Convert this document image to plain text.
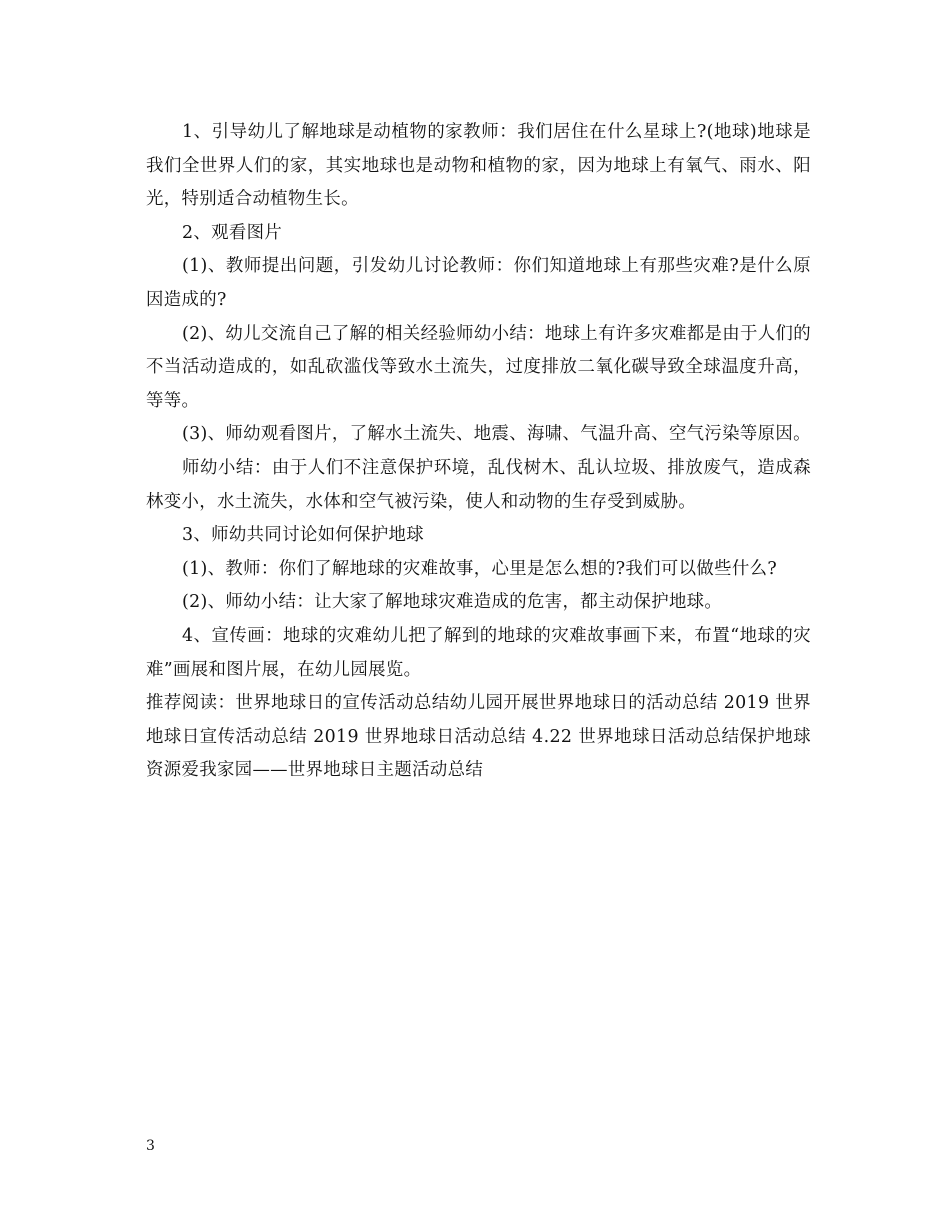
1、引导幼儿了解地球是动植物的家教师：我们居住在什么星球上?(地球)地球是我们全世界人们的家，其实地球也是动物和植物的家，因为地球上有氧气、雨水、阳光，特别适合动植物生长。

2、观看图片

(1)、教师提出问题，引发幼儿讨论教师：你们知道地球上有那些灾难?是什么原因造成的?

(2)、幼儿交流自己了解的相关经验师幼小结：地球上有许多灾难都是由于人们的不当活动造成的，如乱砍滥伐等致水土流失，过度排放二氧化碳导致全球温度升高，等等。

(3)、师幼观看图片，了解水土流失、地震、海啸、气温升高、空气污染等原因。

师幼小结：由于人们不注意保护环境，乱伐树木、乱认垃圾、排放废气，造成森林变小，水土流失，水体和空气被污染，使人和动物的生存受到威胁。

3、师幼共同讨论如何保护地球

(1)、教师：你们了解地球的灾难故事，心里是怎么想的?我们可以做些什么?

(2)、师幼小结：让大家了解地球灾难造成的危害，都主动保护地球。

4、宣传画：地球的灾难幼儿把了解到的地球的灾难故事画下来，布置“地球的灾难”画展和图片展，在幼儿园展览。

推荐阅读：世界地球日的宣传活动总结幼儿园开展世界地球日的活动总结 2019 世界地球日宣传活动总结 2019 世界地球日活动总结 4.22 世界地球日活动总结保护地球资源爱我家园——世界地球日主题活动总结

3
